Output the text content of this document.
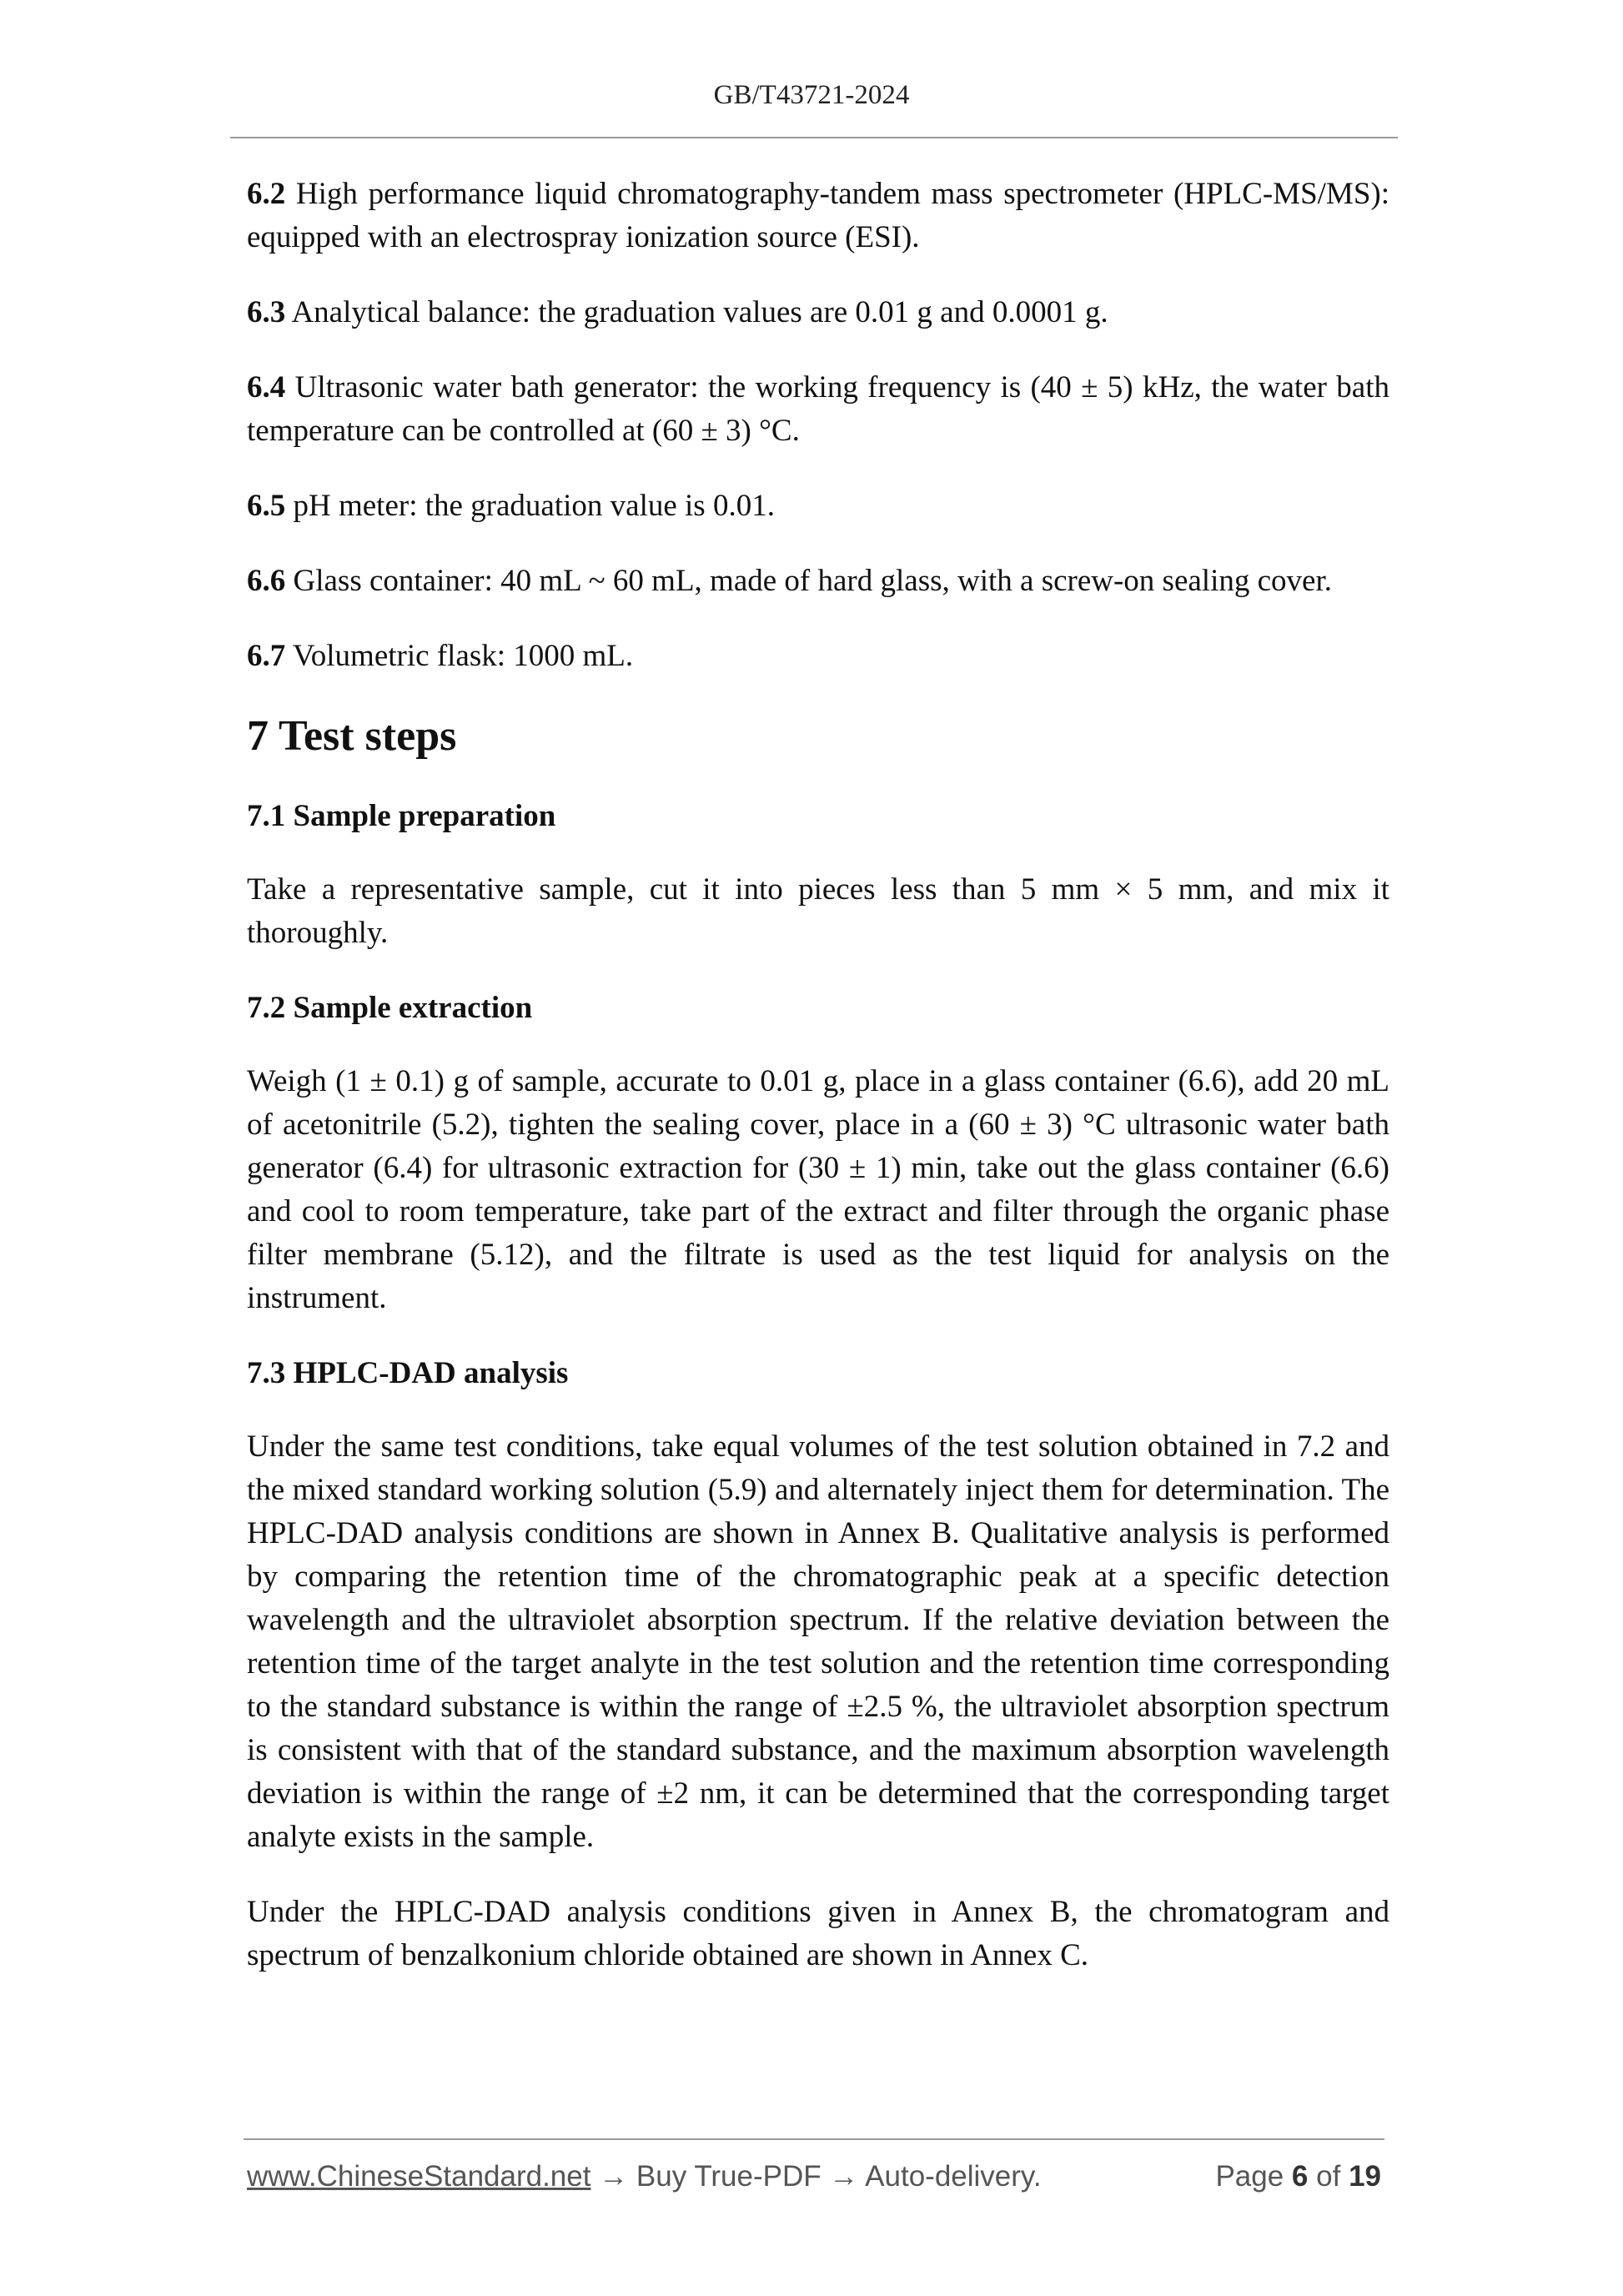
GB/T43721-2024

6.2 High performance liquid chromatography-tandem mass spectrometer (HPLC-MS/MS): equipped with an electrospray ionization source (ESI).

6.3 Analytical balance: the graduation values are 0.01 g and 0.0001 g.

6.4 Ultrasonic water bath generator: the working frequency is (40 ± 5) kHz, the water bath temperature can be controlled at (60 ± 3) °C.

6.5 pH meter: the graduation value is 0.01.

6.6 Glass container: 40 mL ~ 60 mL, made of hard glass, with a screw-on sealing cover.

6.7 Volumetric flask: 1000 mL.

7 Test steps
7.1 Sample preparation

Take a representative sample, cut it into pieces less than 5 mm × 5 mm, and mix it thoroughly.

7.2 Sample extraction

Weigh (1 ± 0.1) g of sample, accurate to 0.01 g, place in a glass container (6.6), add 20 mL of acetonitrile (5.2), tighten the sealing cover, place in a (60 ± 3) °C ultrasonic water bath generator (6.4) for ultrasonic extraction for (30 ± 1) min, take out the glass container (6.6) and cool to room temperature, take part of the extract and filter through the organic phase filter membrane (5.12), and the filtrate is used as the test liquid for analysis on the instrument.

7.3 HPLC-DAD analysis

Under the same test conditions, take equal volumes of the test solution obtained in 7.2 and the mixed standard working solution (5.9) and alternately inject them for determination. The HPLC-DAD analysis conditions are shown in Annex B. Qualitative analysis is performed by comparing the retention time of the chromatographic peak at a specific detection wavelength and the ultraviolet absorption spectrum. If the relative deviation between the retention time of the target analyte in the test solution and the retention time corresponding to the standard substance is within the range of ±2.5 %, the ultraviolet absorption spectrum is consistent with that of the standard substance, and the maximum absorption wavelength deviation is within the range of ±2 nm, it can be determined that the corresponding target analyte exists in the sample.

Under the HPLC-DAD analysis conditions given in Annex B, the chromatogram and spectrum of benzalkonium chloride obtained are shown in Annex C.

www.ChineseStandard.net → Buy True-PDF → Auto-delivery.	Page 6 of 19
